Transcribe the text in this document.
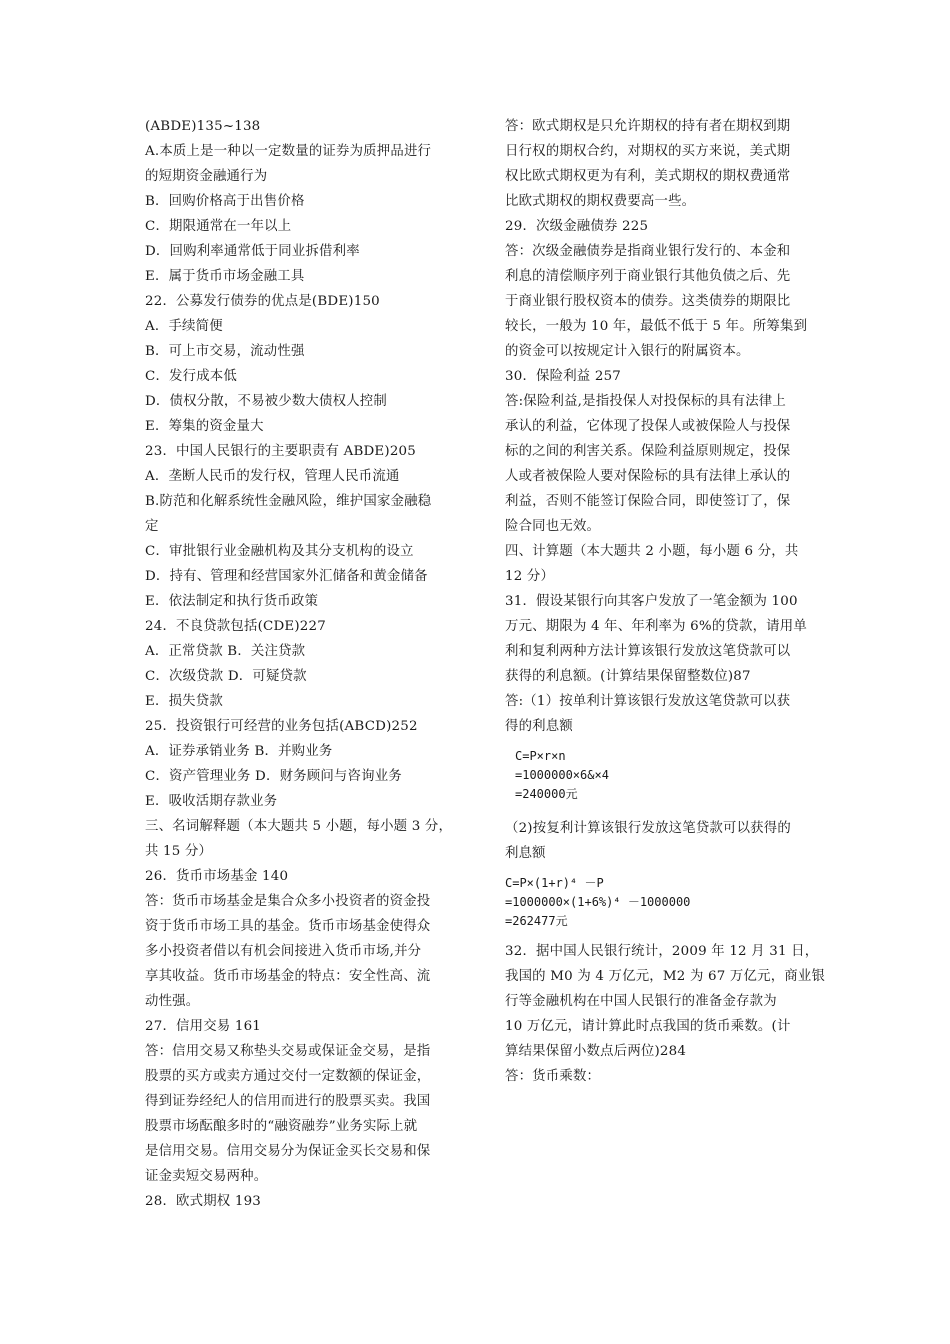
(ABDE)135~138
A.本质上是一种以一定数量的证券为质押品进行
的短期资金融通行为
B．回购价格高于出售价格
C．期限通常在一年以上
D．回购利率通常低于同业拆借利率
E．属于货币市场金融工具
22．公募发行债券的优点是(BDE)150
A．手续简便
B．可上市交易，流动性强
C．发行成本低
D．债权分散，不易被少数大债权人控制
E．筹集的资金量大
23．中国人民银行的主要职责有 ABDE)205
A．垄断人民币的发行权，管理人民币流通
B.防范和化解系统性金融风险，维护国家金融稳
定
C．审批银行业金融机构及其分支机构的设立
D．持有、管理和经营国家外汇储备和黄金储备
E．依法制定和执行货币政策
24．不良贷款包括(CDE)227
A．正常贷款 B．关注贷款
C．次级贷款 D．可疑贷款
E．损失贷款
25．投资银行可经营的业务包括(ABCD)252
A．证券承销业务 B．并购业务
C．资产管理业务 D．财务顾问与咨询业务
E．吸收活期存款业务
三、名词解释题（本大题共 5 小题，每小题 3 分，
共 15 分）
26．货币市场基金 140
答：货币市场基金是集合众多小投资者的资金投
资于货币市场工具的基金。货币市场基金使得众
多小投资者借以有机会间接进入货币市场,并分
享其收益。货币市场基金的特点：安全性高、流
动性强。
27．信用交易 161
答：信用交易又称垫头交易或保证金交易，是指
股票的买方或卖方通过交付一定数额的保证金，
得到证券经纪人的信用而进行的股票买卖。我国
股票市场酝酿多时的“融资融券”业务实际上就
是信用交易。信用交易分为保证金买长交易和保
证金卖短交易两种。
28．欧式期权 193
答：欧式期权是只允许期权的持有者在期权到期
日行权的期权合约，对期权的买方来说，美式期
权比欧式期权更为有利，美式期权的期权费通常
比欧式期权的期权费要高一些。
29．次级金融债券 225
答：次级金融债券是指商业银行发行的、本金和
利息的清偿顺序列于商业银行其他负债之后、先
于商业银行股权资本的债券。这类债券的期限比
较长，一般为 10 年，最低不低于 5 年。所筹集到
的资金可以按规定计入银行的附属资本。
30．保险利益 257
答:保险利益,是指投保人对投保标的具有法律上
承认的利益，它体现了投保人或被保险人与投保
标的之间的利害关系。保险利益原则规定，投保
人或者被保险人要对保险标的具有法律上承认的
利益，否则不能签订保险合同，即使签订了，保
险合同也无效。
四、计算题（本大题共 2 小题，每小题 6 分，共
12 分）
31．假设某银行向其客户发放了一笔金额为 100
万元、期限为 4 年、年利率为 6%的贷款，请用单
利和复利两种方法计算该银行发放这笔贷款可以
获得的利息额。(计算结果保留整数位)87
答:（1）按单利计算该银行发放这笔贷款可以获
得的利息额
C=P×r×n
=1000000×6&×4
=240000元
（2)按复利计算该银行发放这笔贷款可以获得的
利息额
C=P×(1+r)⁴ －P
=1000000×(1+6%)⁴ －1000000
=262477元
32．据中国人民银行统计，2009 年 12 月 31 日，
我国的 M0 为 4 万亿元，M2 为 67 万亿元，商业银
行等金融机构在中国人民银行的准备金存款为
10 万亿元，请计算此时点我国的货币乘数。(计
算结果保留小数点后两位)284
答：货币乘数：
